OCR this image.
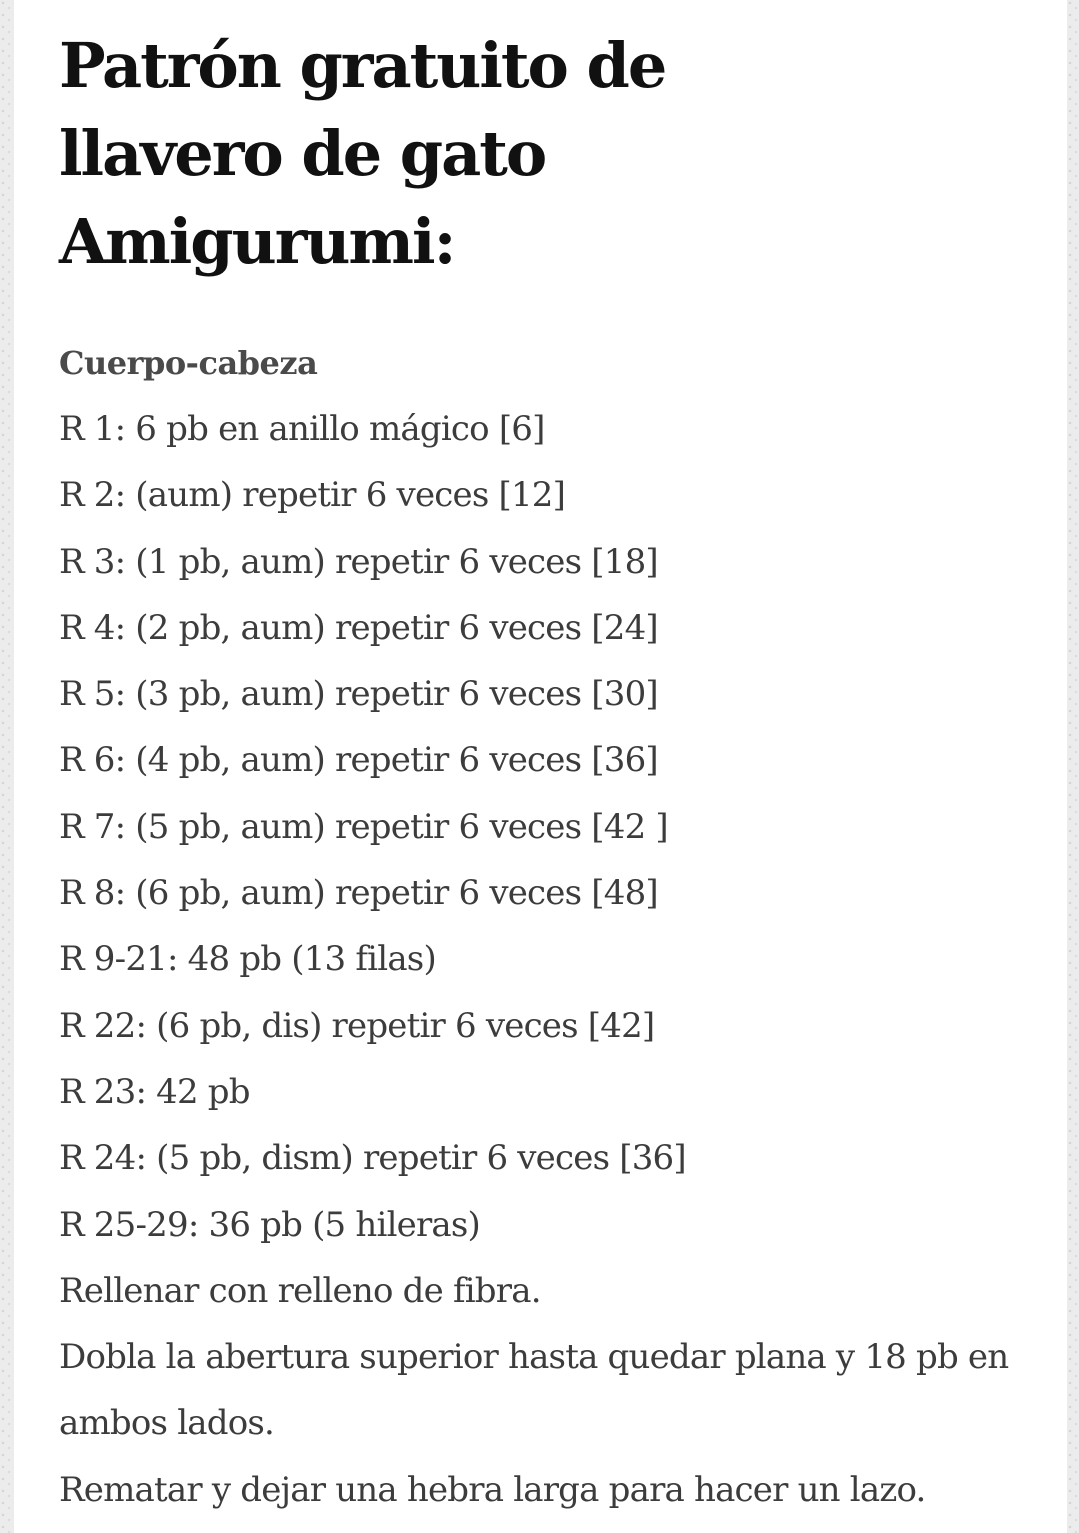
Patrón gratuito de llavero de gato Amigurumi:
Cuerpo-cabeza
R 1: 6 pb en anillo mágico [6]
R 2: (aum) repetir 6 veces [12]
R 3: (1 pb, aum) repetir 6 veces [18]
R 4: (2 pb, aum) repetir 6 veces [24]
R 5: (3 pb, aum) repetir 6 veces [30]
R 6: (4 pb, aum) repetir 6 veces [36]
R 7: (5 pb, aum) repetir 6 veces [42 ]
R 8: (6 pb, aum) repetir 6 veces [48]
R 9-21: 48 pb (13 filas)
R 22: (6 pb, dis) repetir 6 veces [42]
R 23: 42 pb
R 24: (5 pb, dism) repetir 6 veces [36]
R 25-29: 36 pb (5 hileras)
Rellenar con relleno de fibra.
Dobla la abertura superior hasta quedar plana y 18 pb en ambos lados.
Rematar y dejar una hebra larga para hacer un lazo.
